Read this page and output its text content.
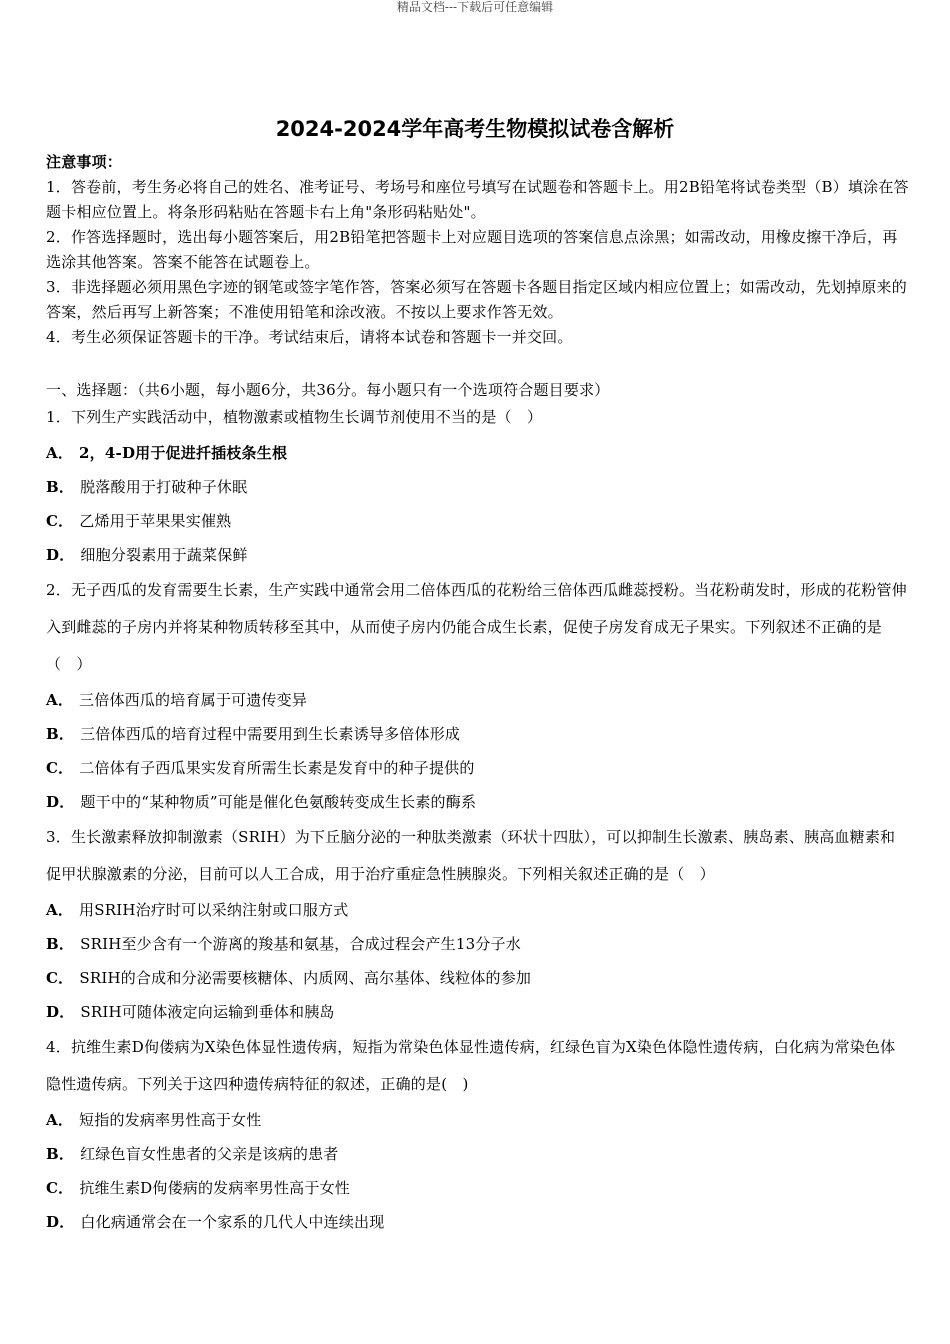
精品文档---下载后可任意编辑
2024-2024学年高考生物模拟试卷含解析

注意事项：

1．答卷前，考生务必将自己的姓名、准考证号、考场号和座位号填写在试题卷和答题卡上。用2B铅笔将试卷类型（B）填涂在答题卡相应位置上。将条形码粘贴在答题卡右上角"条形码粘贴处"。

2．作答选择题时，选出每小题答案后，用2B铅笔把答题卡上对应题目选项的答案信息点涂黑；如需改动，用橡皮擦干净后，再选涂其他答案。答案不能答在试题卷上。

3．非选择题必须用黑色字迹的钢笔或签字笔作答，答案必须写在答题卡各题目指定区域内相应位置上；如需改动，先划掉原来的答案，然后再写上新答案；不准使用铅笔和涂改液。不按以上要求作答无效。

4．考生必须保证答题卡的干净。考试结束后，请将本试卷和答题卡一并交回。

一、选择题：（共6小题，每小题6分，共36分。每小题只有一个选项符合题目要求）

1．下列生产实践活动中，植物激素或植物生长调节剂使用不当的是（　）

A． 2，4-D用于促进扦插枝条生根

B． 脱落酸用于打破种子休眠

C． 乙烯用于苹果果实催熟

D． 细胞分裂素用于蔬菜保鲜

2．无子西瓜的发育需要生长素，生产实践中通常会用二倍体西瓜的花粉给三倍体西瓜雌蕊授粉。当花粉萌发时，形成的花粉管伸入到雌蕊的子房内并将某种物质转移至其中，从而使子房内仍能合成生长素，促使子房发育成无子果实。下列叙述不正确的是（　）

A． 三倍体西瓜的培育属于可遗传变异

B． 三倍体西瓜的培育过程中需要用到生长素诱导多倍体形成

C． 二倍体有子西瓜果实发育所需生长素是发育中的种子提供的

D． 题干中的“某种物质”可能是催化色氨酸转变成生长素的酶系

3．生长激素释放抑制激素（SRIH）为下丘脑分泌的一种肽类激素（环状十四肽），可以抑制生长激素、胰岛素、胰高血糖素和促甲状腺激素的分泌，目前可以人工合成，用于治疗重症急性胰腺炎。下列相关叙述正确的是（　）

A． 用SRIH治疗时可以采纳注射或口服方式

B． SRIH至少含有一个游离的羧基和氨基，合成过程会产生13分子水

C． SRIH的合成和分泌需要核糖体、内质网、高尔基体、线粒体的参加

D． SRIH可随体液定向运输到垂体和胰岛

4．抗维生素D佝偻病为X染色体显性遗传病，短指为常染色体显性遗传病，红绿色盲为X染色体隐性遗传病，白化病为常染色体隐性遗传病。下列关于这四种遗传病特征的叙述，正确的是(　)

A． 短指的发病率男性高于女性

B． 红绿色盲女性患者的父亲是该病的患者

C． 抗维生素D佝偻病的发病率男性高于女性

D． 白化病通常会在一个家系的几代人中连续出现
